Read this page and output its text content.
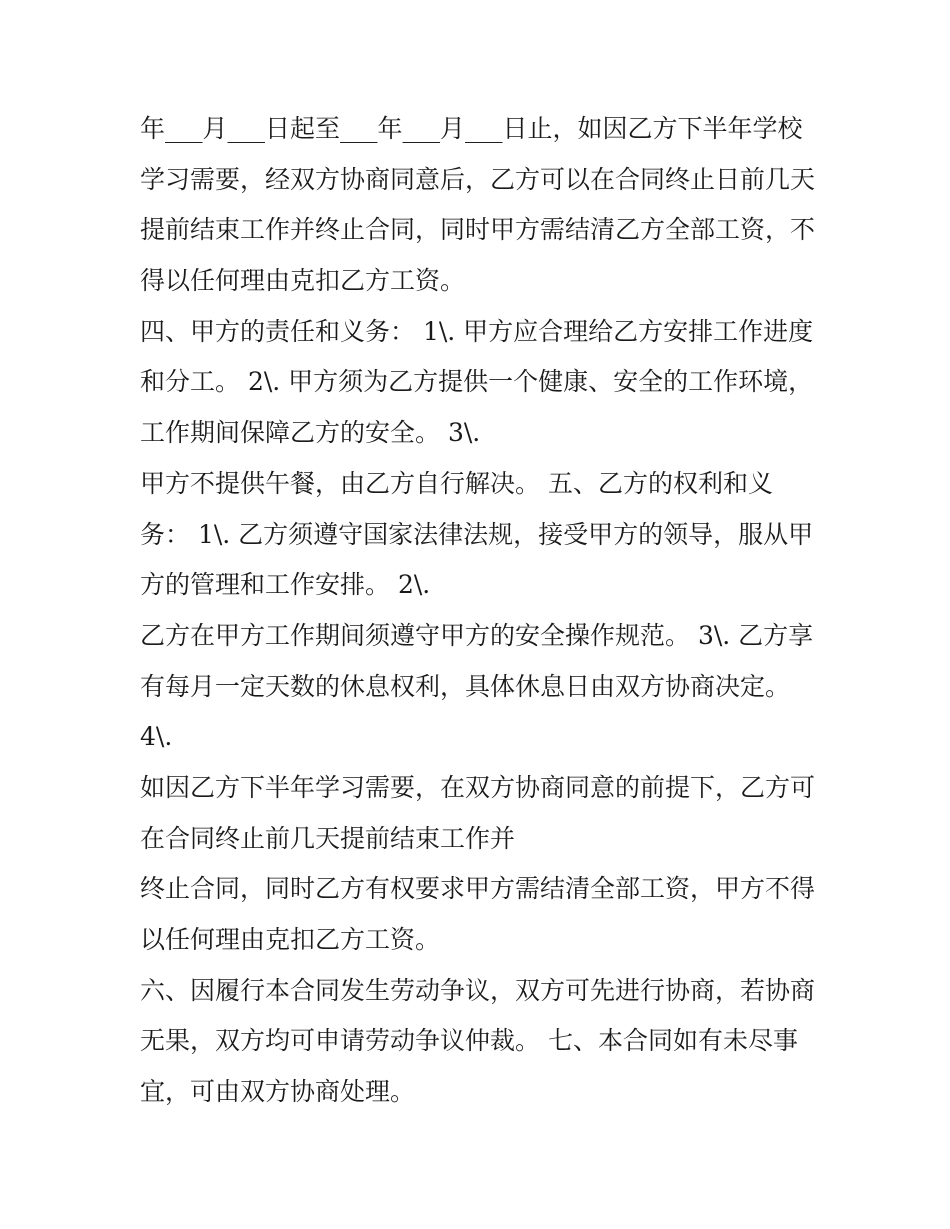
年___月___日起至___年___月___日止，如因乙方下半年学校
学习需要，经双方协商同意后，乙方可以在合同终止日前几天
提前结束工作并终止合同，同时甲方需结清乙方全部工资，不
得以任何理由克扣乙方工资。
四、甲方的责任和义务： 1\. 甲方应合理给乙方安排工作进度
和分工。 2\. 甲方须为乙方提供一个健康、安全的工作环境，
工作期间保障乙方的安全。 3\.
甲方不提供午餐，由乙方自行解决。 五、乙方的权利和义
务： 1\. 乙方须遵守国家法律法规，接受甲方的领导，服从甲
方的管理和工作安排。 2\.
乙方在甲方工作期间须遵守甲方的安全操作规范。 3\. 乙方享
有每月一定天数的休息权利，具体休息日由双方协商决定。
4\.
如因乙方下半年学习需要，在双方协商同意的前提下，乙方可
在合同终止前几天提前结束工作并
终止合同，同时乙方有权要求甲方需结清全部工资，甲方不得
以任何理由克扣乙方工资。
六、因履行本合同发生劳动争议，双方可先进行协商，若协商
无果，双方均可申请劳动争议仲裁。 七、本合同如有未尽事
宜，可由双方协商处理。
